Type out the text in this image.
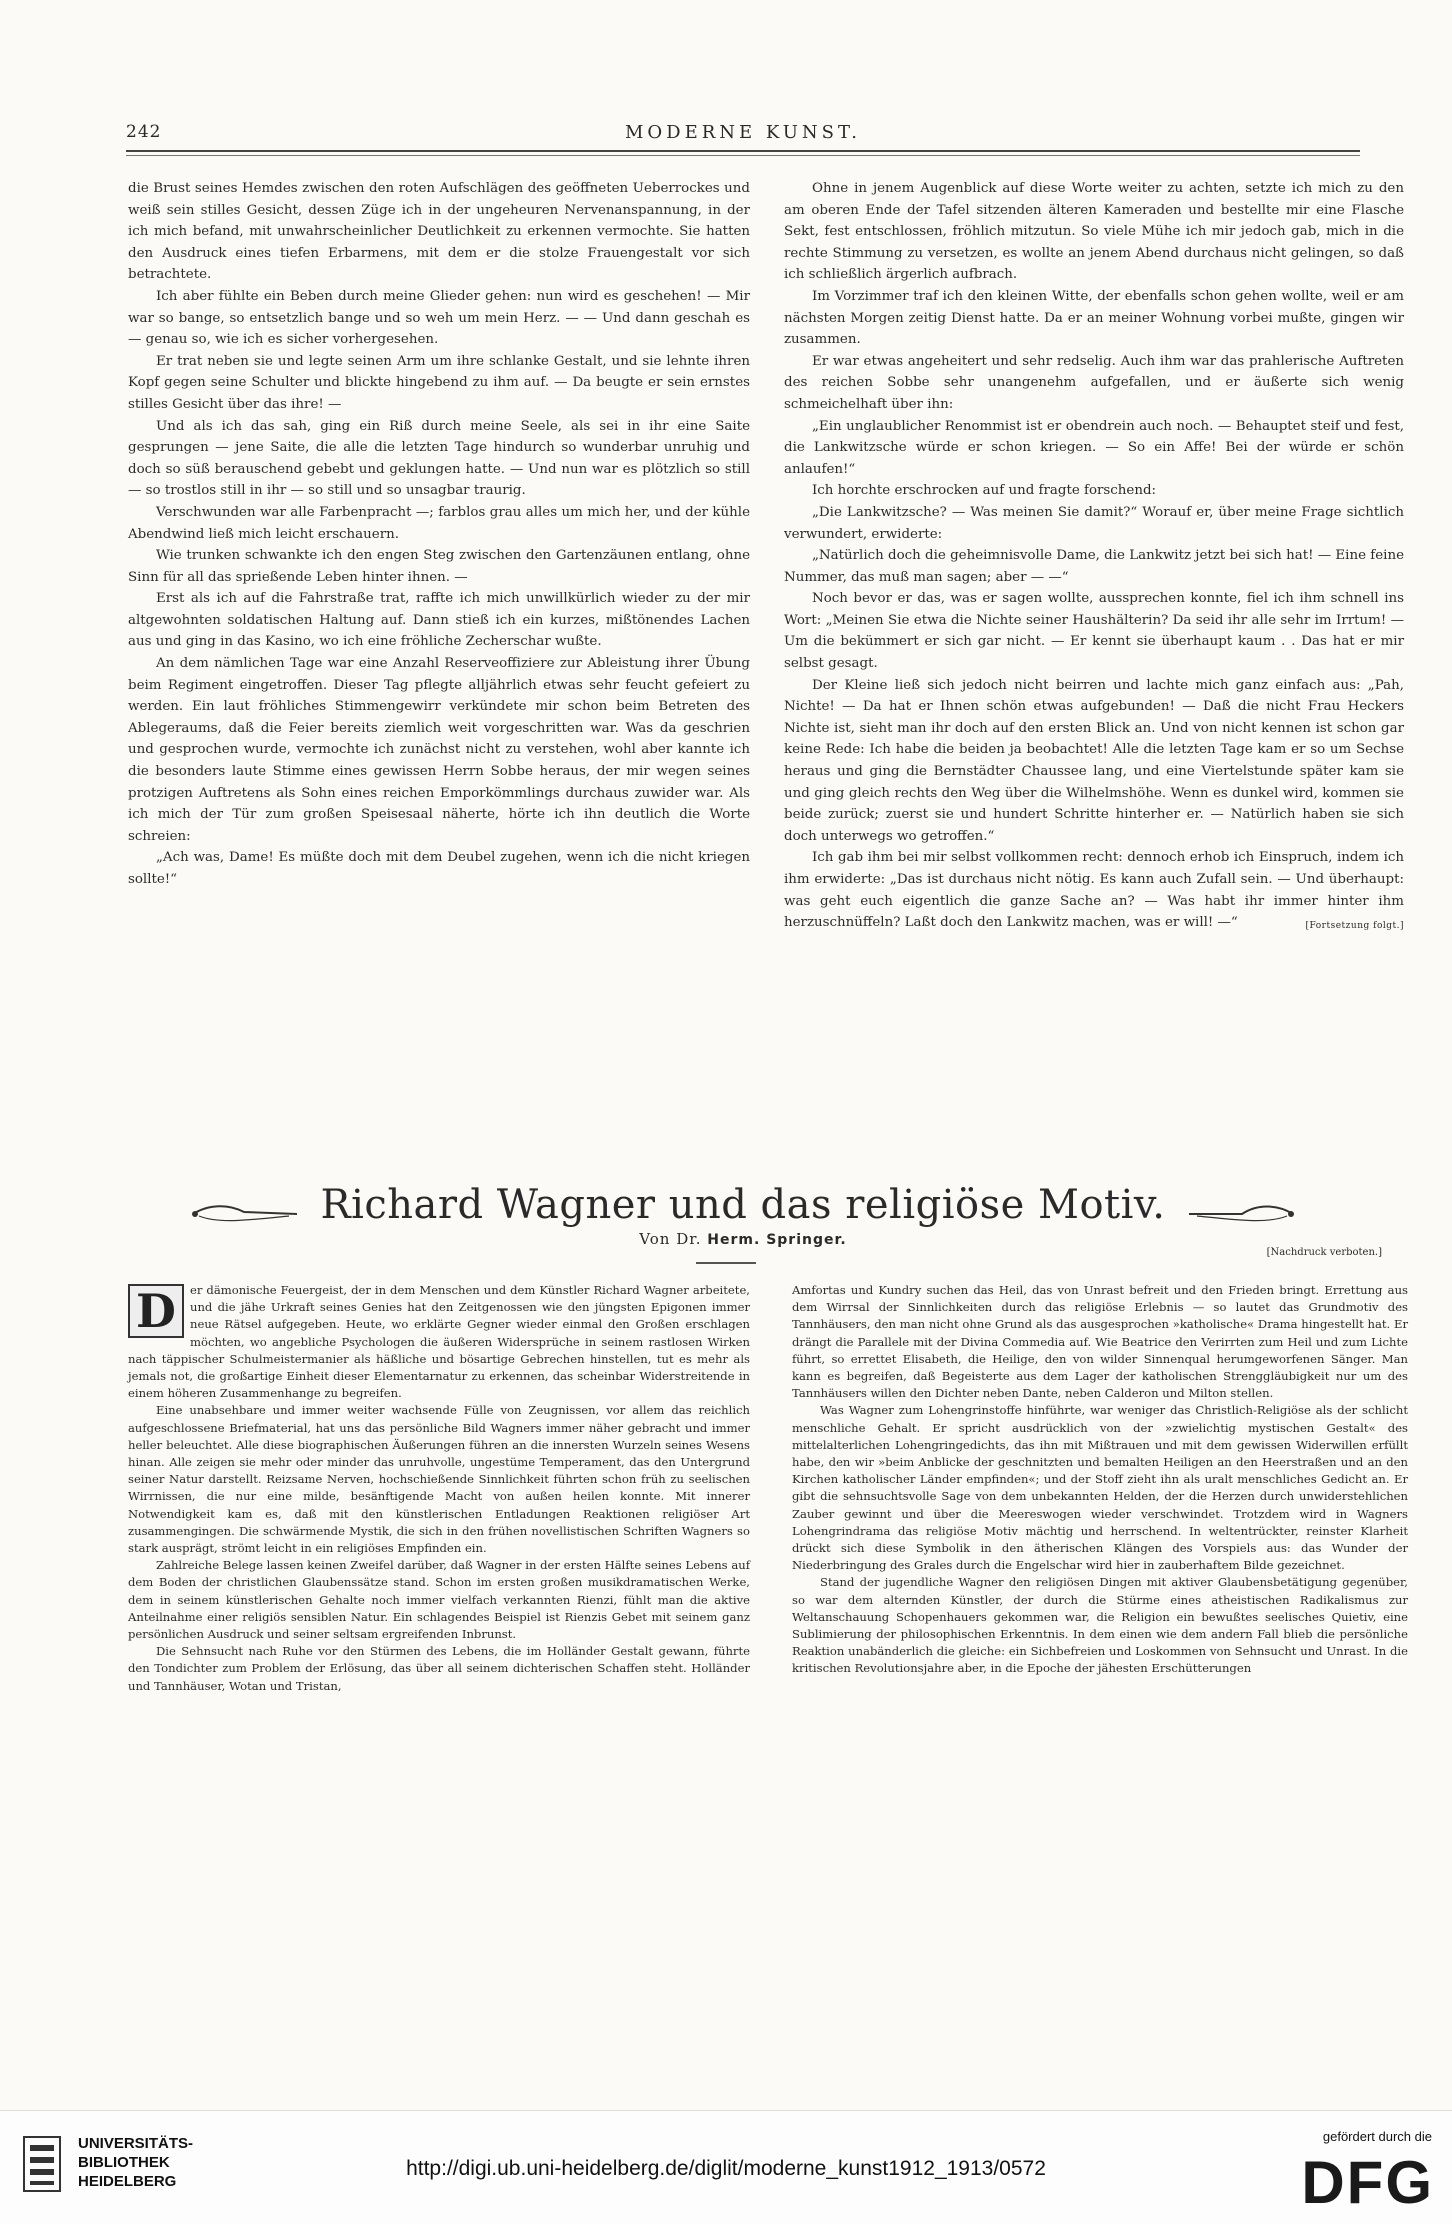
242	MODERNE KUNST.

die Brust seines Hemdes zwischen den roten Aufschlägen des geöffneten Ueberrockes und weiß sein stilles Gesicht, dessen Züge ich in der ungeheuren Nervenanspannung, in der ich mich befand, mit unwahrscheinlicher Deutlichkeit zu erkennen vermochte. Sie hatten den Ausdruck eines tiefen Erbarmens, mit dem er die stolze Frauengestalt vor sich betrachtete.

Ich aber fühlte ein Beben durch meine Glieder gehen: nun wird es geschehen! — Mir war so bange, so entsetzlich bange und so weh um mein Herz. — — Und dann geschah es — genau so, wie ich es sicher vorhergesehen.

Er trat neben sie und legte seinen Arm um ihre schlanke Gestalt, und sie lehnte ihren Kopf gegen seine Schulter und blickte hingebend zu ihm auf. — Da beugte er sein ernstes stilles Gesicht über das ihre! —

Und als ich das sah, ging ein Riß durch meine Seele, als sei in ihr eine Saite gesprungen — jene Saite, die alle die letzten Tage hindurch so wunderbar unruhig und doch so süß berauschend gebebt und geklungen hatte. — Und nun war es plötzlich so still — so trostlos still in ihr — so still und so unsagbar traurig.

Verschwunden war alle Farbenpracht —; farblos grau alles um mich her, und der kühle Abendwind ließ mich leicht erschauern.

Wie trunken schwankte ich den engen Steg zwischen den Gartenzäunen entlang, ohne Sinn für all das sprießende Leben hinter ihnen. —

Erst als ich auf die Fahrstraße trat, raffte ich mich unwillkürlich wieder zu der mir altgewohnten soldatischen Haltung auf. Dann stieß ich ein kurzes, mißtönendes Lachen aus und ging in das Kasino, wo ich eine fröhliche Zecherschar wußte.

An dem nämlichen Tage war eine Anzahl Reserveoffiziere zur Ableistung ihrer Übung beim Regiment eingetroffen. Dieser Tag pflegte alljährlich etwas sehr feucht gefeiert zu werden. Ein laut fröhliches Stimmengewirr verkündete mir schon beim Betreten des Ablegeraums, daß die Feier bereits ziemlich weit vorgeschritten war. Was da geschrien und gesprochen wurde, vermochte ich zunächst nicht zu verstehen, wohl aber kannte ich die besonders laute Stimme eines gewissen Herrn Sobbe heraus, der mir wegen seines protzigen Auftretens als Sohn eines reichen Emporkömmlings durchaus zuwider war. Als ich mich der Tür zum großen Speisesaal näherte, hörte ich ihn deutlich die Worte schreien:

„Ach was, Dame! Es müßte doch mit dem Deubel zugehen, wenn ich die nicht kriegen sollte!“

Ohne in jenem Augenblick auf diese Worte weiter zu achten, setzte ich mich zu den am oberen Ende der Tafel sitzenden älteren Kameraden und bestellte mir eine Flasche Sekt, fest entschlossen, fröhlich mitzutun. So viele Mühe ich mir jedoch gab, mich in die rechte Stimmung zu versetzen, es wollte an jenem Abend durchaus nicht gelingen, so daß ich schließlich ärgerlich aufbrach.

Im Vorzimmer traf ich den kleinen Witte, der ebenfalls schon gehen wollte, weil er am nächsten Morgen zeitig Dienst hatte. Da er an meiner Wohnung vorbei mußte, gingen wir zusammen.

Er war etwas angeheitert und sehr redselig. Auch ihm war das prahlerische Auftreten des reichen Sobbe sehr unangenehm aufgefallen, und er äußerte sich wenig schmeichelhaft über ihn:

„Ein unglaublicher Renommist ist er obendrein auch noch. — Behauptet steif und fest, die Lankwitzsche würde er schon kriegen. — So ein Affe! Bei der würde er schön anlaufen!“

Ich horchte erschrocken auf und fragte forschend:

„Die Lankwitzsche? — Was meinen Sie damit?“ Worauf er, über meine Frage sichtlich verwundert, erwiderte:

„Natürlich doch die geheimnisvolle Dame, die Lankwitz jetzt bei sich hat! — Eine feine Nummer, das muß man sagen; aber — —“

Noch bevor er das, was er sagen wollte, aussprechen konnte, fiel ich ihm schnell ins Wort: „Meinen Sie etwa die Nichte seiner Haushälterin? Da seid ihr alle sehr im Irrtum! — Um die bekümmert er sich gar nicht. — Er kennt sie überhaupt kaum . . Das hat er mir selbst gesagt.

Der Kleine ließ sich jedoch nicht beirren und lachte mich ganz einfach aus: „Pah, Nichte! — Da hat er Ihnen schön etwas aufgebunden! — Daß die nicht Frau Heckers Nichte ist, sieht man ihr doch auf den ersten Blick an. Und von nicht kennen ist schon gar keine Rede: Ich habe die beiden ja beobachtet! Alle die letzten Tage kam er so um Sechse heraus und ging die Bernstädter Chaussee lang, und eine Viertelstunde später kam sie und ging gleich rechts den Weg über die Wilhelmshöhe. Wenn es dunkel wird, kommen sie beide zurück; zuerst sie und hundert Schritte hinterher er. — Natürlich haben sie sich doch unterwegs wo getroffen.“

Ich gab ihm bei mir selbst vollkommen recht: dennoch erhob ich Einspruch, indem ich ihm erwiderte: „Das ist durchaus nicht nötig. Es kann auch Zufall sein. — Und überhaupt: was geht euch eigentlich die ganze Sache an? — Was habt ihr immer hinter ihm herzuschnüffeln? Laßt doch den Lankwitz machen, was er will! —“	[Fortsetzung folgt.]

Richard Wagner und das religiöse Motiv.
Von Dr. Herm. Springer.
[Nachdruck verboten.]

D	er dämonische Feuergeist, der in dem Menschen und dem Künstler Richard Wagner arbeitete, und die jähe Urkraft seines Genies hat den Zeitgenossen wie den jüngsten Epigonen immer neue Rätsel aufgegeben. Heute, wo erklärte Gegner wieder einmal den Großen erschlagen möchten, wo angebliche Psychologen die äußeren Widersprüche in seinem rastlosen Wirken nach täppischer Schulmeistermanier als häßliche und bösartige Gebrechen hinstellen, tut es mehr als jemals not, die großartige Einheit dieser Elementarnatur zu erkennen, das scheinbar Widerstreitende in einem höheren Zusammenhange zu begreifen.

Eine unabsehbare und immer weiter wachsende Fülle von Zeugnissen, vor allem das reichlich aufgeschlossene Briefmaterial, hat uns das persönliche Bild Wagners immer näher gebracht und immer heller beleuchtet. Alle diese biographischen Äußerungen führen an die innersten Wurzeln seines Wesens hinan. Alle zeigen sie mehr oder minder das unruhvolle, ungestüme Temperament, das den Untergrund seiner Natur darstellt. Reizsame Nerven, hochschießende Sinnlichkeit führten schon früh zu seelischen Wirrnissen, die nur eine milde, besänftigende Macht von außen heilen konnte. Mit innerer Notwendigkeit kam es, daß mit den künstlerischen Entladungen Reaktionen religiöser Art zusammengingen. Die schwärmende Mystik, die sich in den frühen novellistischen Schriften Wagners so stark ausprägt, strömt leicht in ein religiöses Empfinden ein.

Zahlreiche Belege lassen keinen Zweifel darüber, daß Wagner in der ersten Hälfte seines Lebens auf dem Boden der christlichen Glaubenssätze stand. Schon im ersten großen musikdramatischen Werke, dem in seinem künstlerischen Gehalte noch immer vielfach verkannten Rienzi, fühlt man die aktive Anteilnahme einer religiös sensiblen Natur. Ein schlagendes Beispiel ist Rienzis Gebet mit seinem ganz persönlichen Ausdruck und seiner seltsam ergreifenden Inbrunst.

Die Sehnsucht nach Ruhe vor den Stürmen des Lebens, die im Holländer Gestalt gewann, führte den Tondichter zum Problem der Erlösung, das über all seinem dichterischen Schaffen steht. Holländer und Tannhäuser, Wotan und Tristan,

Amfortas und Kundry suchen das Heil, das von Unrast befreit und den Frieden bringt. Errettung aus dem Wirrsal der Sinnlichkeiten durch das religiöse Erlebnis — so lautet das Grundmotiv des Tannhäusers, den man nicht ohne Grund als das ausgesprochen »katholische« Drama hingestellt hat. Er drängt die Parallele mit der Divina Commedia auf. Wie Beatrice den Verirrten zum Heil und zum Lichte führt, so errettet Elisabeth, die Heilige, den von wilder Sinnenqual herumgeworfenen Sänger. Man kann es begreifen, daß Begeisterte aus dem Lager der katholischen Strenggläubigkeit nur um des Tannhäusers willen den Dichter neben Dante, neben Calderon und Milton stellen.

Was Wagner zum Lohengrinstoffe hinführte, war weniger das Christlich-Religiöse als der schlicht menschliche Gehalt. Er spricht ausdrücklich von der »zwielichtig mystischen Gestalt« des mittelalterlichen Lohengringedichts, das ihn mit Mißtrauen und mit dem gewissen Widerwillen erfüllt habe, den wir »beim Anblicke der geschnitzten und bemalten Heiligen an den Heerstraßen und an den Kirchen katholischer Länder empfinden«; und der Stoff zieht ihn als uralt menschliches Gedicht an. Er gibt die sehnsuchtsvolle Sage von dem unbekannten Helden, der die Herzen durch unwiderstehlichen Zauber gewinnt und über die Meereswogen wieder verschwindet. Trotzdem wird in Wagners Lohengrindrama das religiöse Motiv mächtig und herrschend. In weltentrückter, reinster Klarheit drückt sich diese Symbolik in den ätherischen Klängen des Vorspiels aus: das Wunder der Niederbringung des Grales durch die Engelschar wird hier in zauberhaftem Bilde gezeichnet.

Stand der jugendliche Wagner den religiösen Dingen mit aktiver Glaubensbetätigung gegenüber, so war dem alternden Künstler, der durch die Stürme eines atheistischen Radikalismus zur Weltanschauung Schopenhauers gekommen war, die Religion ein bewußtes seelisches Quietiv, eine Sublimierung der philosophischen Erkenntnis. In dem einen wie dem andern Fall blieb die persönliche Reaktion unabänderlich die gleiche: ein Sichbefreien und Loskommen von Sehnsucht und Unrast. In die kritischen Revolutionsjahre aber, in die Epoche der jähesten Erschütterungen

UNIVERSITÄTS-
BIBLIOTHEK
HEIDELBERG
http://digi.ub.uni-heidelberg.de/diglit/moderne_kunst1912_1913/0572
gefördert durch die
DFG
